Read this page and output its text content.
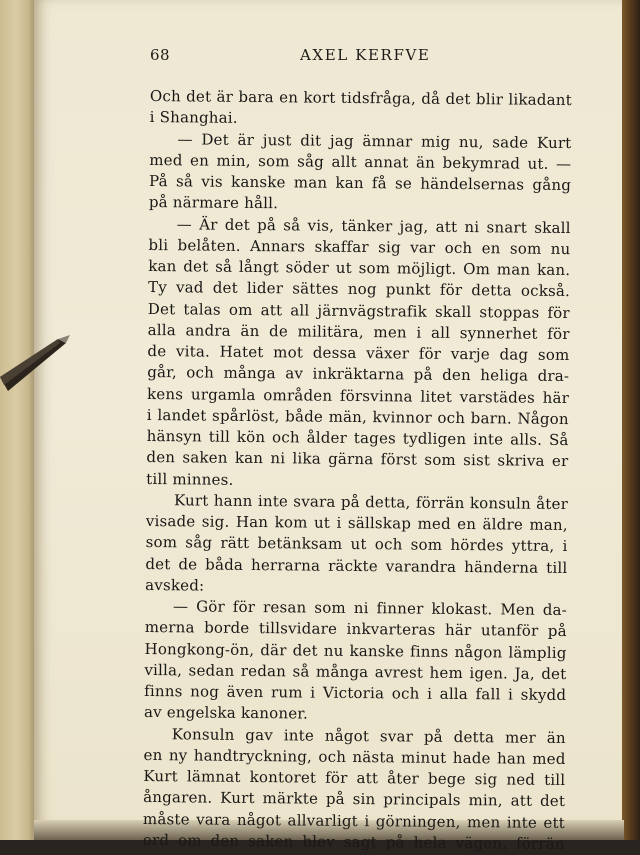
68	AXEL KERFVE
Och det är bara en kort tidsfråga, då det blir likadant
i Shanghai.
— Det är just dit jag ämnar mig nu, sade Kurt
med en min, som såg allt annat än bekymrad ut. —
På så vis kanske man kan få se händelsernas gång
på närmare håll.
— Är det på så vis, tänker jag, att ni snart skall
bli belåten. Annars skaffar sig var och en som nu
kan det så långt söder ut som möjligt. Om man kan.
Ty vad det lider sättes nog punkt för detta också.
Det talas om att all järnvägstrafik skall stoppas för
alla andra än de militära, men i all synnerhet för
de vita. Hatet mot dessa växer för varje dag som
går, och många av inkräktarna på den heliga dra-
kens urgamla områden försvinna litet varstädes här
i landet spårlöst, både män, kvinnor och barn. Någon
hänsyn till kön och ålder tages tydligen inte alls. Så
den saken kan ni lika gärna först som sist skriva er
till minnes.
Kurt hann inte svara på detta, förrän konsuln åter
visade sig. Han kom ut i sällskap med en äldre man,
som såg rätt betänksam ut och som hördes yttra, i
det de båda herrarna räckte varandra händerna till
avsked:
— Gör för resan som ni finner klokast. Men da-
merna borde tillsvidare inkvarteras här utanför på
Hongkong-ön, där det nu kanske finns någon lämplig
villa, sedan redan så många avrest hem igen. Ja, det
finns nog även rum i Victoria och i alla fall i skydd
av engelska kanoner.
Konsuln gav inte något svar på detta mer än
en ny handtryckning, och nästa minut hade han med
Kurt lämnat kontoret för att åter bege sig ned till
ångaren. Kurt märkte på sin principals min, att det
måste vara något allvarligt i görningen, men inte ett
ord om den saken blev sagt på hela vägen, förrän
